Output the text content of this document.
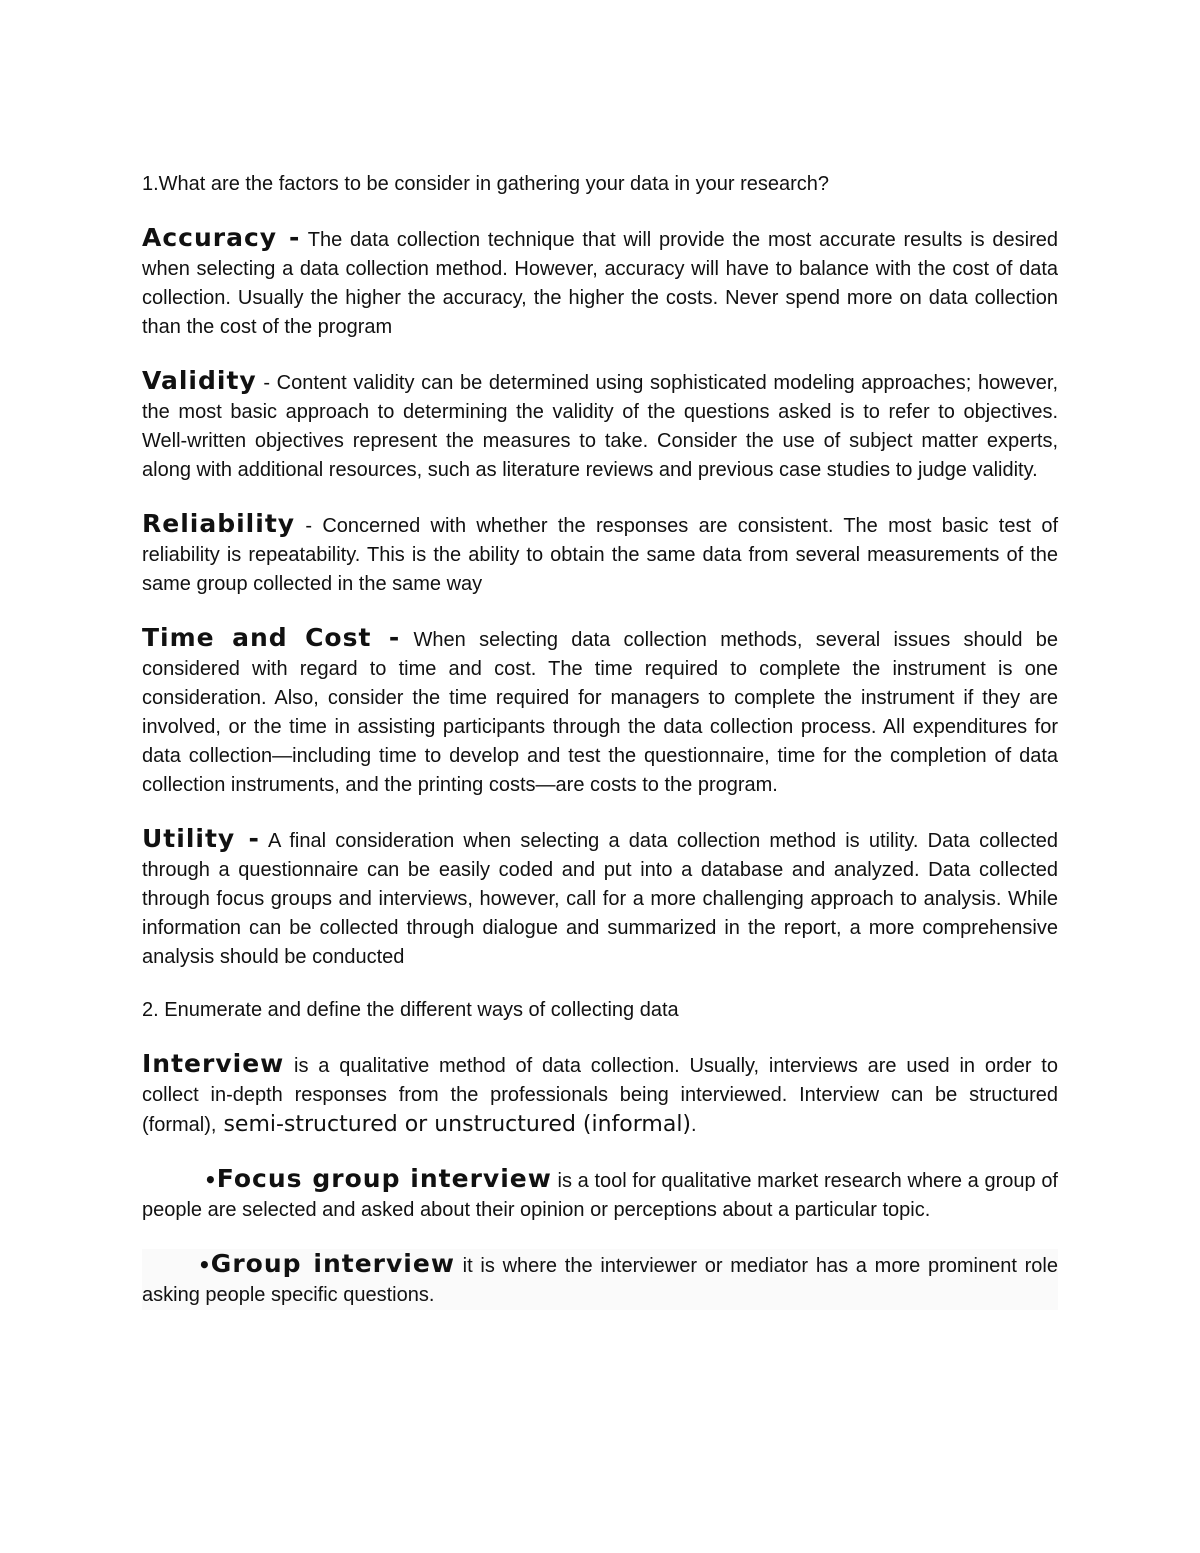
1.What are the factors to be consider in gathering your data in your research?

Accuracy - The data collection technique that will provide the most accurate results is desired when selecting a data collection method. However, accuracy will have to balance with the cost of data collection. Usually the higher the accuracy, the higher the costs. Never spend more on data collection than the cost of the program

Validity - Content validity can be determined using sophisticated modeling approaches; however, the most basic approach to determining the validity of the questions asked is to refer to objectives. Well-written objectives represent the measures to take. Consider the use of subject matter experts, along with additional resources, such as literature reviews and previous case studies to judge validity.

Reliability - Concerned with whether the responses are consistent. The most basic test of reliability is repeatability. This is the ability to obtain the same data from several measurements of the same group collected in the same way

Time and Cost - When selecting data collection methods, several issues should be considered with regard to time and cost. The time required to complete the instrument is one consideration. Also, consider the time required for managers to complete the instrument if they are involved, or the time in assisting participants through the data collection process. All expenditures for data collection—including time to develop and test the questionnaire, time for the completion of data collection instruments, and the printing costs—are costs to the program.

Utility - A final consideration when selecting a data collection method is utility. Data collected through a questionnaire can be easily coded and put into a database and analyzed. Data collected through focus groups and interviews, however, call for a more challenging approach to analysis. While information can be collected through dialogue and summarized in the report, a more comprehensive analysis should be conducted

2. Enumerate and define the different ways of collecting data

Interview is a qualitative method of data collection. Usually, interviews are used in order to collect in-depth responses from the professionals being interviewed. Interview can be structured (formal), semi-structured or unstructured (informal).

•Focus group interview is a tool for qualitative market research where a group of people are selected and asked about their opinion or perceptions about a particular topic.

•Group interview it is where the interviewer or mediator has a more prominent role asking people specific questions.
